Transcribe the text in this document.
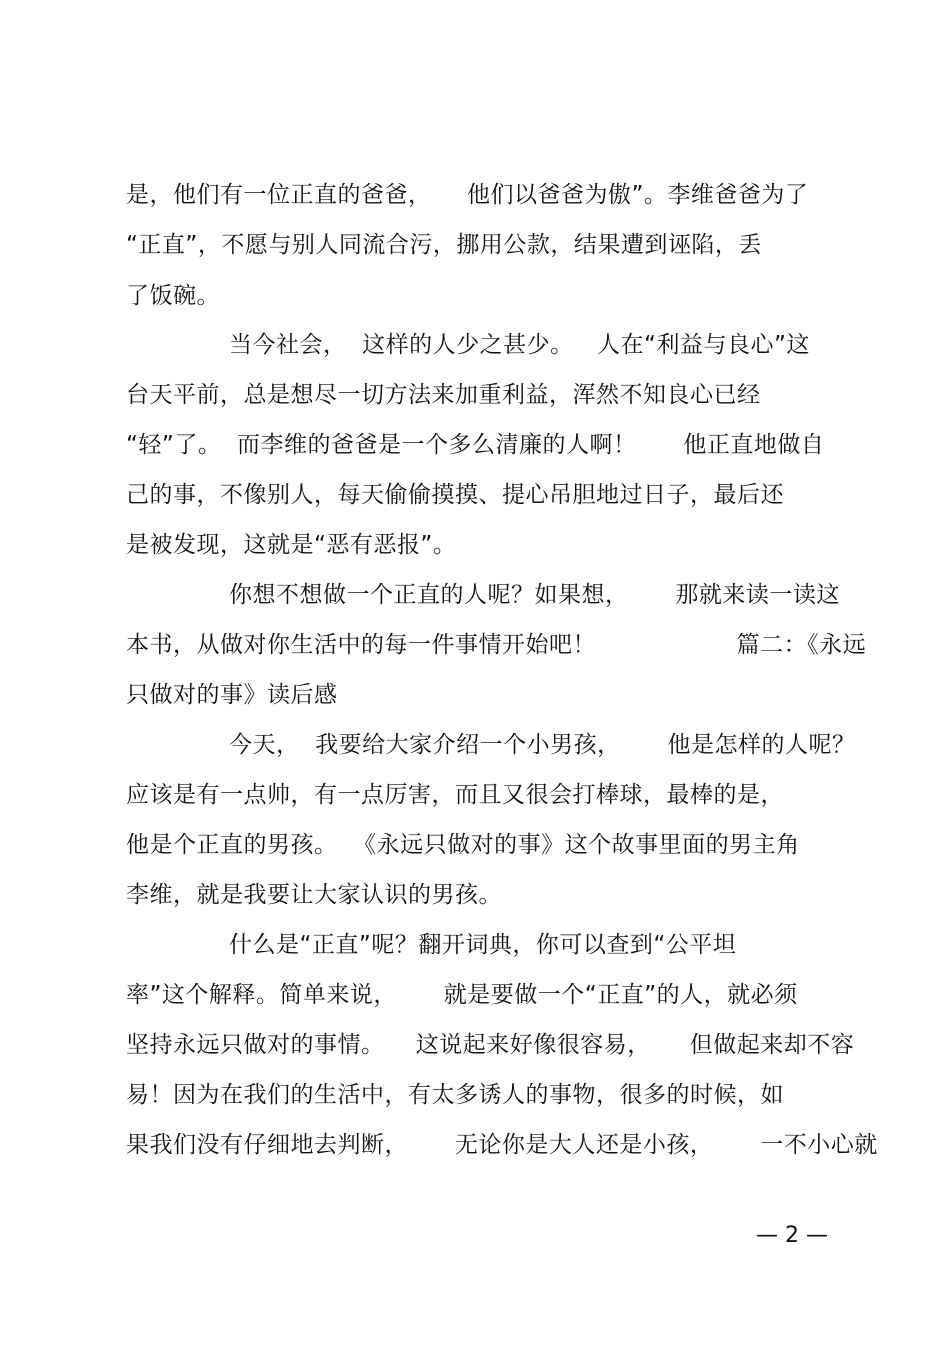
是，他们有一位正直的爸爸，　　他们以爸爸为傲”。李维爸爸为了
“正直”，不愿与别人同流合污，挪用公款，结果遭到诬陷，丢
了饭碗。
当今社会，  这样的人少之甚少。   人在“利益与良心”这
台天平前，总是想尽一切方法来加重利益，浑然不知良心已经
“轻”了。  而李维的爸爸是一个多么清廉的人啊！      他正直地做自
己的事，不像别人，每天偷偷摸摸、提心吊胆地过日子，最后还
是被发现，这就是“恶有恶报”。
你想不想做一个正直的人呢？如果想，      那就来读一读这
本书，从做对你生活中的每一件事情开始吧！                  篇二：《永远
只做对的事》读后感
今天，  我要给大家介绍一个小男孩，      他是怎样的人呢？
应该是有一点帅，有一点厉害，而且又很会打棒球，最棒的是，
他是个正直的男孩。  《永远只做对的事》这个故事里面的男主角
李维，就是我要让大家认识的男孩。
什么是“正直”呢？翻开词典，你可以查到“公平坦
率”这个解释。简单来说，      就是要做一个“正直”的人，就必须
坚持永远只做对的事情。    这说起来好像很容易，     但做起来却不容
易！因为在我们的生活中，有太多诱人的事物，很多的时候，如
果我们没有仔细地去判断，      无论你是大人还是小孩，      一不小心就
— 2 —
